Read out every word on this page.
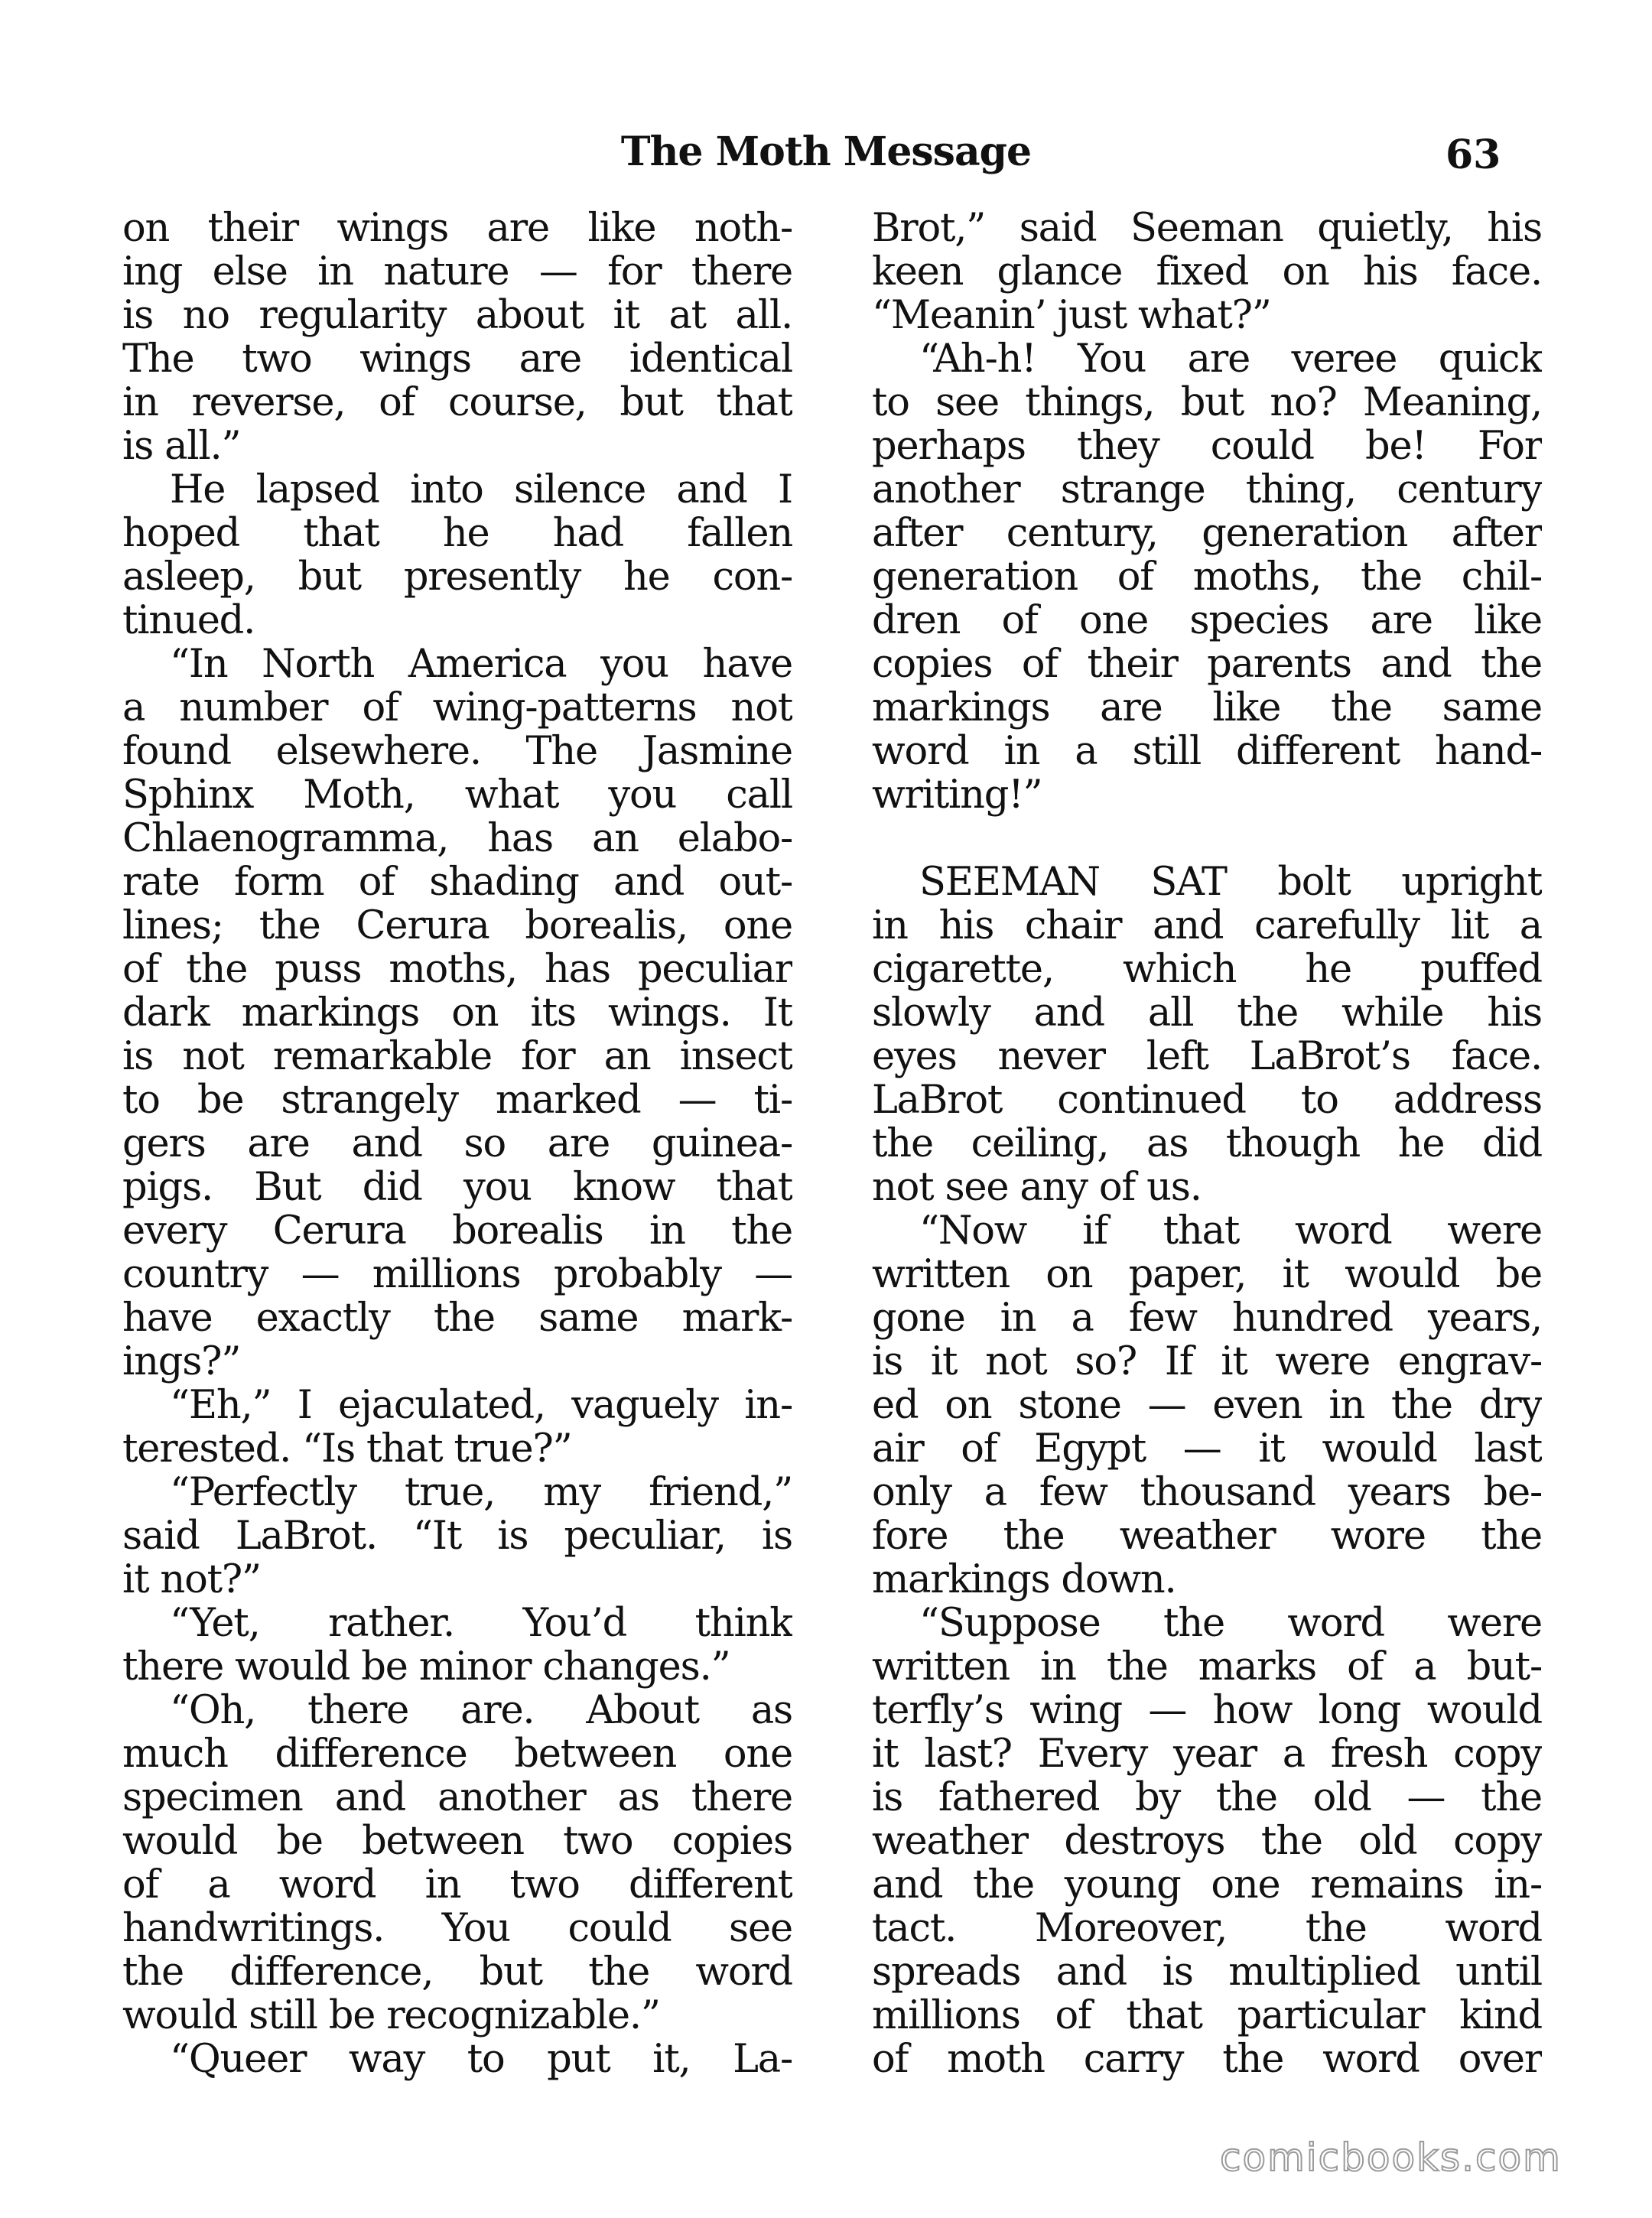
The Moth Message	63
on their wings are like noth-
ing else in nature — for there
is no regularity about it at all.
The two wings are identical
in reverse, of course, but that
is all.”
He lapsed into silence and I
hoped that he had fallen
asleep, but presently he con-
tinued.
“In North America you have
a number of wing-patterns not
found elsewhere. The Jasmine
Sphinx Moth, what you call
Chlaenogramma, has an elabo-
rate form of shading and out-
lines; the Cerura borealis, one
of the puss moths, has peculiar
dark markings on its wings. It
is not remarkable for an insect
to be strangely marked — ti-
gers are and so are guinea-
pigs. But did you know that
every Cerura borealis in the
country — millions probably —
have exactly the same mark-
ings?”
“Eh,” I ejaculated, vaguely in-
terested. “Is that true?”
“Perfectly true, my friend,”
said LaBrot. “It is peculiar, is
it not?”
“Yet, rather. You’d think
there would be minor changes.”
“Oh, there are. About as
much difference between one
specimen and another as there
would be between two copies
of a word in two different
handwritings. You could see
the difference, but the word
would still be recognizable.”
“Queer way to put it, La-
Brot,” said Seeman quietly, his
keen glance fixed on his face.
“Meanin’ just what?”
“Ah-h! You are veree quick
to see things, but no? Meaning,
perhaps they could be! For
another strange thing, century
after century, generation after
generation of moths, the chil-
dren of one species are like
copies of their parents and the
markings are like the same
word in a still different hand-
writing!”
SEEMAN SAT bolt upright
in his chair and carefully lit a
cigarette, which he puffed
slowly and all the while his
eyes never left LaBrot’s face.
LaBrot continued to address
the ceiling, as though he did
not see any of us.
“Now if that word were
written on paper, it would be
gone in a few hundred years,
is it not so? If it were engrav-
ed on stone — even in the dry
air of Egypt — it would last
only a few thousand years be-
fore the weather wore the
markings down.
“Suppose the word were
written in the marks of a but-
terfly’s wing — how long would
it last? Every year a fresh copy
is fathered by the old — the
weather destroys the old copy
and the young one remains in-
tact. Moreover, the word
spreads and is multiplied until
millions of that particular kind
of moth carry the word over
comicbooks.com
